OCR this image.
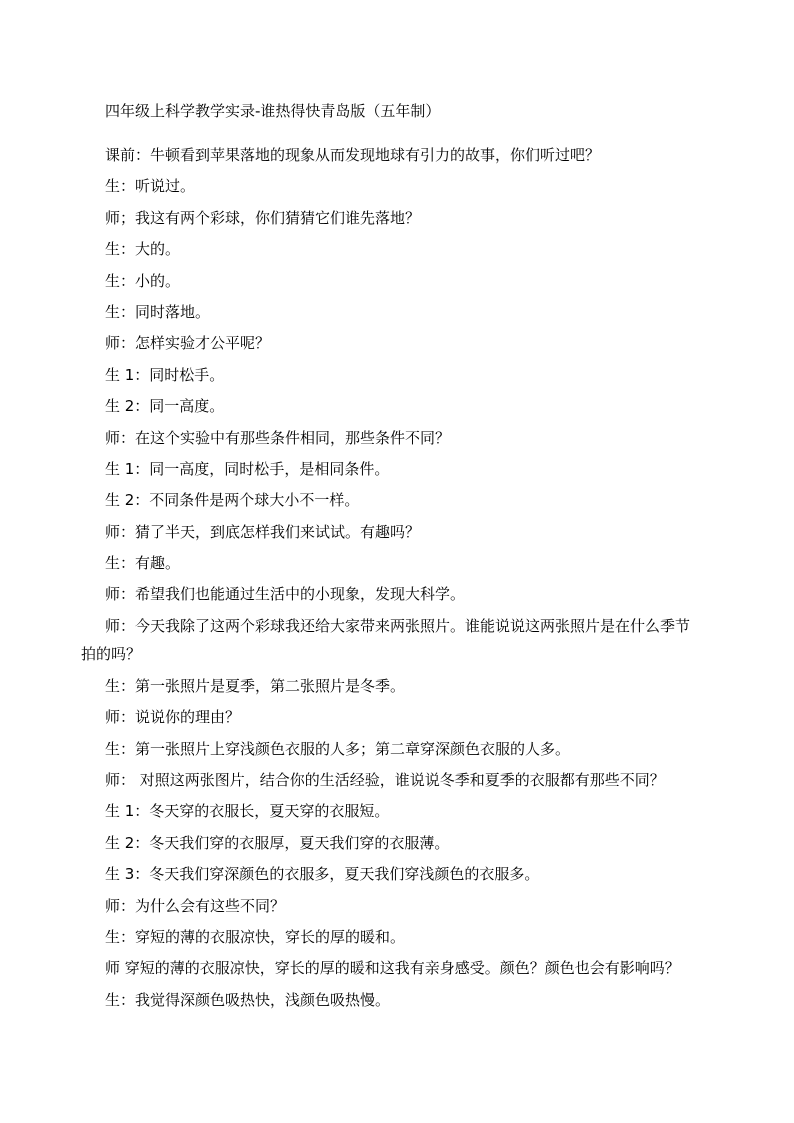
四年级上科学教学实录-谁热得快青岛版（五年制）
课前：牛顿看到苹果落地的现象从而发现地球有引力的故事，你们听过吧？
生：听说过。
师；我这有两个彩球，你们猜猜它们谁先落地？
生：大的。
生：小的。
生：同时落地。
师：怎样实验才公平呢？
生 1：同时松手。
生 2：同一高度。
师：在这个实验中有那些条件相同，那些条件不同？
生 1：同一高度，同时松手，是相同条件。
生 2：不同条件是两个球大小不一样。
师：猜了半天，到底怎样我们来试试。有趣吗？
生：有趣。
师：希望我们也能通过生活中的小现象，发现大科学。
师：今天我除了这两个彩球我还给大家带来两张照片。谁能说说这两张照片是在什么季节
拍的吗？
生：第一张照片是夏季，第二张照片是冬季。
师：说说你的理由？
生：第一张照片上穿浅颜色衣服的人多；第二章穿深颜色衣服的人多。
师： 对照这两张图片，结合你的生活经验，谁说说冬季和夏季的衣服都有那些不同？
生 1：冬天穿的衣服长，夏天穿的衣服短。
生 2：冬天我们穿的衣服厚，夏天我们穿的衣服薄。
生 3：冬天我们穿深颜色的衣服多，夏天我们穿浅颜色的衣服多。
师：为什么会有这些不同？
生：穿短的薄的衣服凉快，穿长的厚的暖和。
师 穿短的薄的衣服凉快，穿长的厚的暖和这我有亲身感受。颜色？颜色也会有影响吗？
生：我觉得深颜色吸热快，浅颜色吸热慢。
